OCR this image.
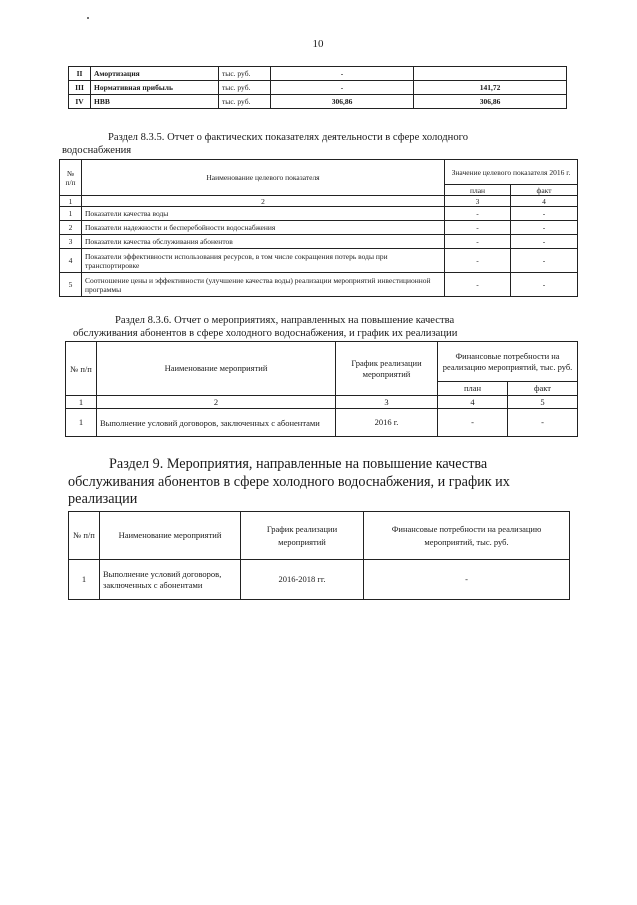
10
II	Амортизация	тыс. руб.	-	
III	Нормативная прибыль	тыс. руб.	-	141,72
IV	НВВ	тыс. руб.	306,86	306,86
Раздел 8.3.5. Отчет о фактических показателях деятельности в сфере холодного
водоснабжения
№ п/п	Наименование целевого показателя	Значение целевого показателя 2016 г.	
		план	факт
1	2	3	4
1	Показатели качества воды	-	-
2	Показатели надежности и бесперебойности водоснабжения	-	-
3	Показатели качества обслуживания абонентов	-	-
4	Показатели эффективности использования ресурсов, в том числе сокращения потерь воды при транспортировке	-	-
5	Соотношение цены и эффективности (улучшение качества воды) реализации мероприятий инвестиционной программы	-	-
Раздел 8.3.6. Отчет о мероприятиях, направленных на повышение качества
обслуживания абонентов в сфере холодного водоснабжения, и график их реализации
№ п/п	Наименование мероприятий	График реализации мероприятий	Финансовые потребности на реализацию мероприятий, тыс. руб.	
			план	факт
1	2	3	4	5
1	Выполнение условий договоров, заключенных с абонентами	2016 г.	-	-
Раздел 9. Мероприятия, направленные на повышение качества
обслуживания абонентов в сфере холодного водоснабжения, и график их
реализации
№ п/п	Наименование мероприятий	График реализации мероприятий	Финансовые потребности на реализацию мероприятий, тыс. руб.
1	Выполнение условий договоров, заключенных с абонентами	2016-2018 гг.	-
